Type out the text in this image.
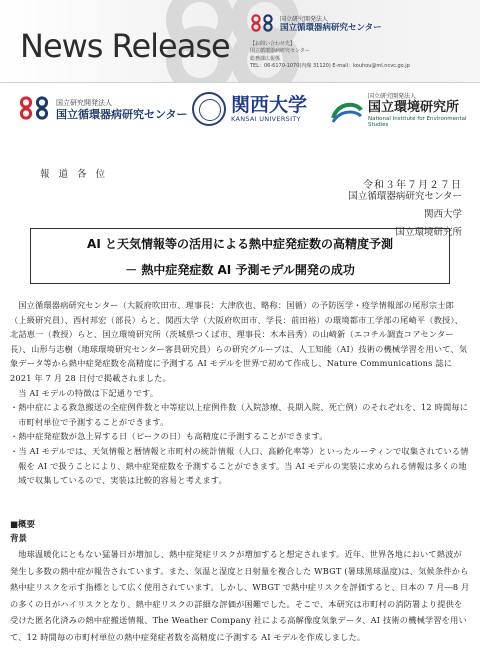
News Release
国立研究開発法人
国立循環器病研究センター
【お問い合わせ先】
国立循環器病研究センター
総務課広報係
TEL：06-6170-1070(内線 31120) E-mail：kouhou@ml.ncvc.go.jp
国立研究開発法人
国立循環器病研究センター 関西大学
KANSAI UNIVERSITY
国立研究開発法人
国立環境研究所
National Institute for Environmental Studies
報 道 各 位
令和３年７月２７日
国立循環器病研究センター
関西大学
国立環境研究所
AI と天気情報等の活用による熱中症発症数の高精度予測
－ 熱中症発症数 AI 予測モデル開発の成功

国立循環器病研究センター（大阪府吹田市、理事長：大津欣也、略称：国循）の予防医学・疫学情報部の尾形宗士郎（上級研究員）、西村邦宏（部長）らと、関西大学（大阪府吹田市、学長：前田裕）の環境都市工学部の尾崎平（教授）、北詰恵一（教授）らと、国立環境研究所（茨城県つくば市、理事長：木本昌秀）の山崎新（エコチル調査コアセンター長）、山形与志樹（地球環境研究センター客員研究員）らの研究グループは、人工知能（AI）技術の機械学習を用いて、気象データ等から熱中症発症数を高精度に予測する AI モデルを世界で初めて作成し、Nature Communications 誌に 2021 年 7 月 28 日付で掲載されました。

当 AI モデルの特徴は下記通りです。

・熱中症による救急搬送の全症例件数と中等症以上症例件数（入院診療、長期入院、死亡例）のそれぞれを、12 時間毎に市町村単位で予測することができます。

・熱中症発症数が急上昇する日（ピークの日）も高精度に予測することができます。

・当 AI モデルでは、天気情報と暦情報と市町村の統計情報（人口、高齢化率等）といったルーティンで収集されている情報を AI で扱うことにより、熱中症発症数を予測することができます。当 AI モデルの実装に求められる情報は多くの地域で収集しているので、実装は比較的容易と考えます。

■概要
背景

地球温暖化にともない猛暑日が増加し、熱中症発症リスクが増加すると想定されます。近年、世界各地において熱波が発生し多数の熱中症が報告されています。また、気温と湿度と日射量を複合した WBGT (暑球黒球温度)は、気候条件から熱中症リスクを示す指標として広く使用されています。しかし、WBGT で熱中症リスクを評価すると、日本の 7 月―8 月の多くの日がハイリスクとなり、熱中症リスクの詳細な評価が困難でした。そこで、本研究は市町村の消防署より提供を受けた匿名化済みの熱中症搬送情報、The Weather Company 社による高解像度気象データ、AI 技術の機械学習を用いて、12 時間毎の市町村単位の熱中症発症者数を高精度に予測する AI モデルを作成しました。
